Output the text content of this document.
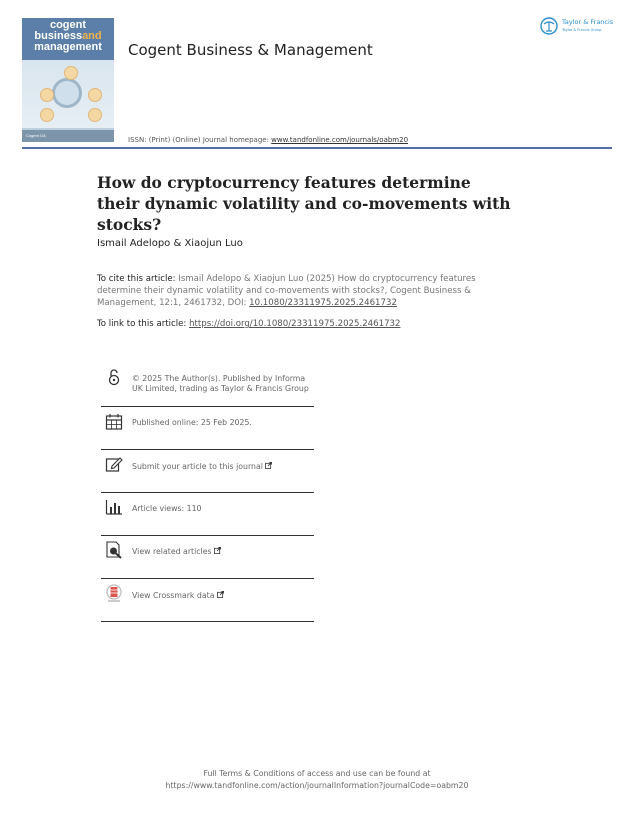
cogent
businessand
management
Cogent OA
Cogent Business & Management
Taylor & Francis
Taylor & Francis Group
ISSN: (Print) (Online) Journal homepage: www.tandfonline.com/journals/oabm20
How do cryptocurrency features determine their dynamic volatility and co-movements with stocks?
Ismail Adelopo & Xiaojun Luo
To cite this article: Ismail Adelopo & Xiaojun Luo (2025) How do cryptocurrency features determine their dynamic volatility and co-movements with stocks?, Cogent Business & Management, 12:1, 2461732, DOI: 10.1080/23311975.2025.2461732
To link to this article: https://doi.org/10.1080/23311975.2025.2461732
© 2025 The Author(s). Published by Informa UK Limited, trading as Taylor & Francis Group
Published online: 25 Feb 2025.
Submit your article to this journal
Article views: 110
View related articles
View Crossmark data
Full Terms & Conditions of access and use can be found at
https://www.tandfonline.com/action/journalInformation?journalCode=oabm20
